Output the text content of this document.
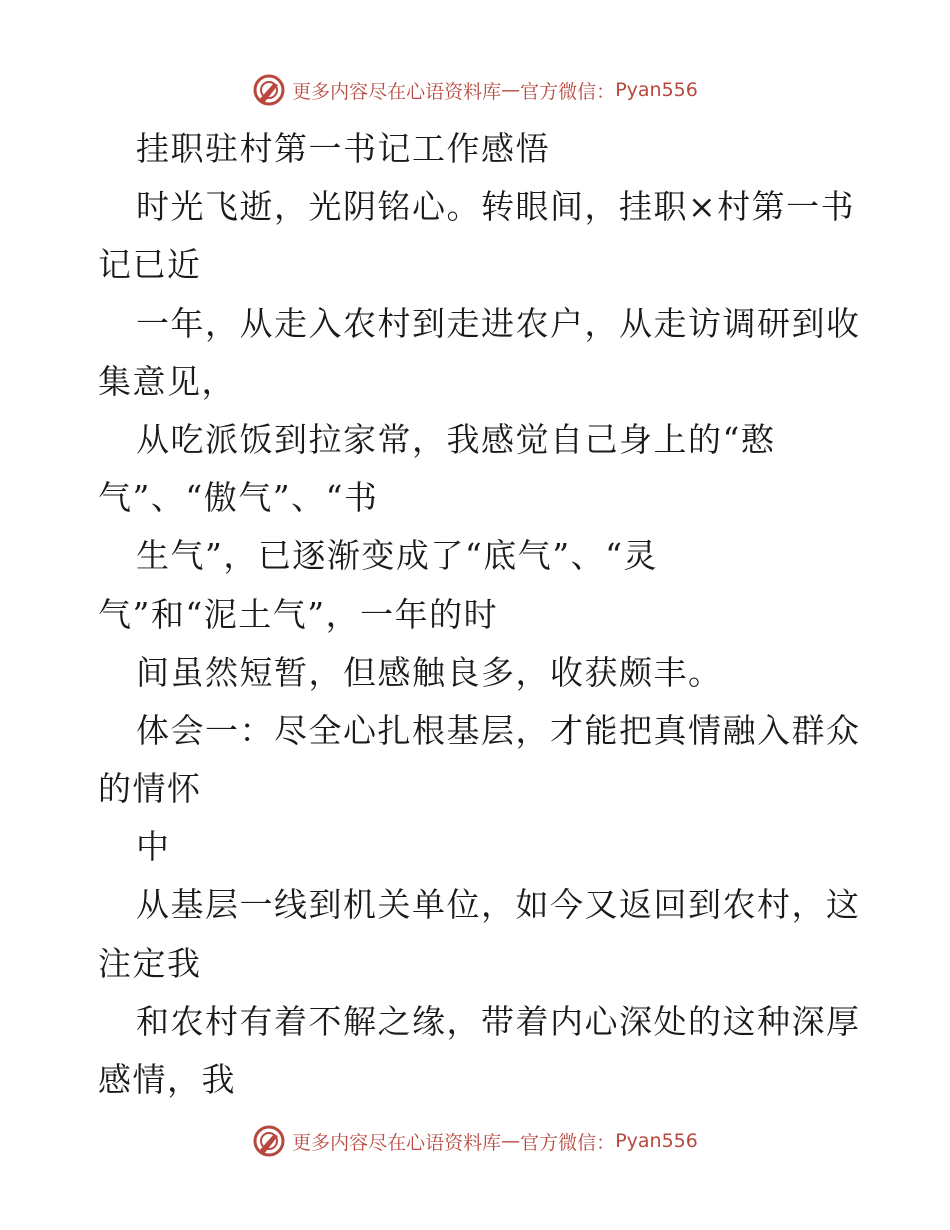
更多内容尽在心语资料库 — 官方微信： Pyan556
挂职驻村第一书记工作感悟
时光飞逝，光阴铭心。转眼间，挂职×村第一书
记已近
一年，从走入农村到走进农户，从走访调研到收
集意见，
从吃派饭到拉家常，我感觉自己身上的“憨
气”、“傲气”、“书
生气”，已逐渐变成了“底气”、“灵
气”和“泥土气”，一年的时
间虽然短暂，但感触良多，收获颇丰。
体会一：尽全心扎根基层，才能把真情融入群众
的情怀
中
从基层一线到机关单位，如今又返回到农村，这
注定我
和农村有着不解之缘，带着内心深处的这种深厚
感情，我
更多内容尽在心语资料库 — 官方微信： Pyan556
